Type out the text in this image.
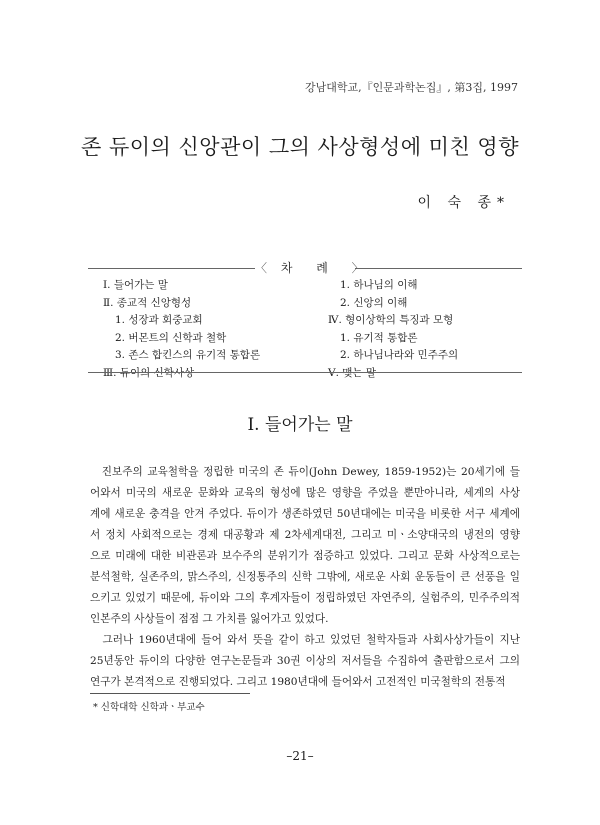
강남대학교,『인문과학논집』, 第3집, 1997
존 듀이의 신앙관이 그의 사상형성에 미친 영향
이 숙 종*
〈 차 례 〉
Ⅰ. 들어가는 말
Ⅱ. 종교적 신앙형성
1. 성장과 회중교회
2. 버몬트의 신학과 철학
3. 존스 합킨스의 유기적 통합론
Ⅲ. 듀이의 신학사상
1. 하나님의 이해
2. 신앙의 이해
Ⅳ. 형이상학의 특징과 모형
1. 유기적 통합론
2. 하나님나라와 민주주의
Ⅴ. 맺는 말
I. 들어가는 말
　진보주의 교육철학을 정립한 미국의 존 듀이(John Dewey, 1859-1952)는 20세기에 들
어와서 미국의 새로운 문화와 교육의 형성에 많은 영향을 주었을 뿐만아니라, 세계의 사상
계에 새로운 충격을 안겨 주었다. 듀이가 생존하였던 50년대에는 미국을 비롯한 서구 세계에
서 정치 사회적으로는 경제 대공황과 제 2차세계대전, 그리고 미ㆍ소양대국의 냉전의 영향
으로 미래에 대한 비관론과 보수주의 분위기가 점증하고 있었다. 그리고 문화 사상적으로는
분석철학, 실존주의, 맑스주의, 신정통주의 신학 그밖에, 새로운 사회 운동들이 큰 선풍을 일
으키고 있었기 때문에, 듀이와 그의 후계자들이 정립하였던 자연주의, 실험주의, 민주주의적
인본주의 사상들이 점점 그 가치를 잃어가고 있었다.
　그러나 1960년대에 들어 와서 뜻을 같이 하고 있었던 철학자들과 사회사상가들이 지난
25년동안 듀이의 다양한 연구논문들과 30권 이상의 저서들을 수집하여 출판함으로서 그의
연구가 본격적으로 진행되었다. 그리고 1980년대에 들어와서 고전적인 미국철학의 전통적
* 신학대학 신학과ㆍ부교수
–21–
